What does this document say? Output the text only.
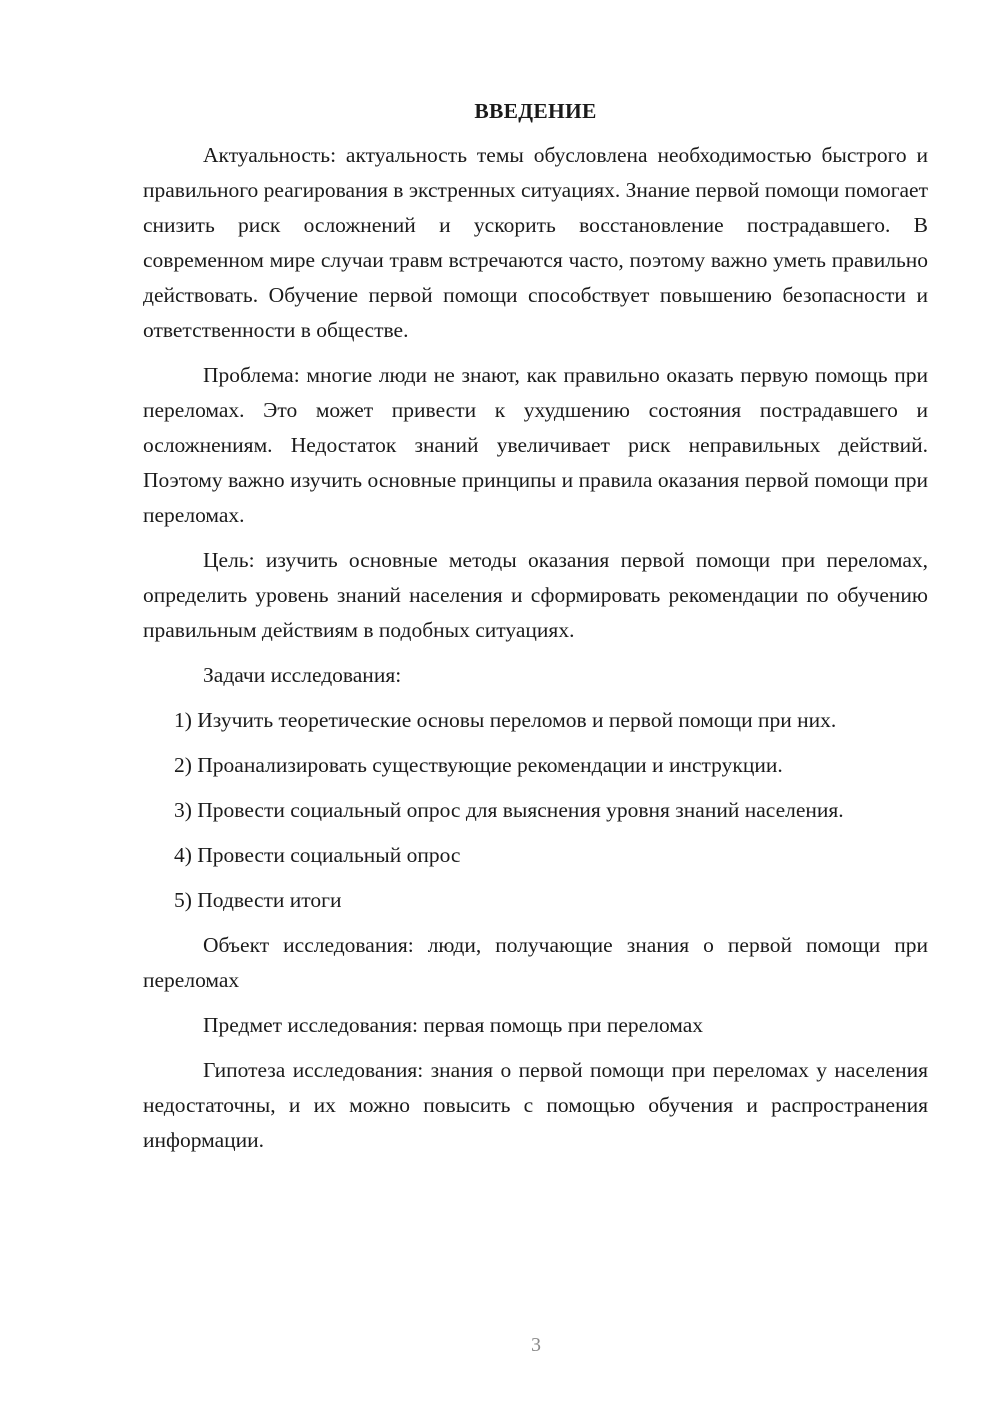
ВВЕДЕНИЕ

Актуальность: актуальность темы обусловлена необходимостью быстрого и правильного реагирования в экстренных ситуациях. Знание первой помощи помогает снизить риск осложнений и ускорить восстановление пострадавшего. В современном мире случаи травм встречаются часто, поэтому важно уметь правильно действовать. Обучение первой помощи способствует повышению безопасности и ответственности в обществе.

Проблема: многие люди не знают, как правильно оказать первую помощь при переломах. Это может привести к ухудшению состояния пострадавшего и осложнениям. Недостаток знаний увеличивает риск неправильных действий. Поэтому важно изучить основные принципы и правила оказания первой помощи при переломах.

Цель: изучить основные методы оказания первой помощи при переломах, определить уровень знаний населения и сформировать рекомендации по обучению правильным действиям в подобных ситуациях.

Задачи исследования:

1) Изучить теоретические основы переломов и первой помощи при них.

2) Проанализировать существующие рекомендации и инструкции.

3) Провести социальный опрос для выяснения уровня знаний населения.

4) Провести социальный опрос

5) Подвести итоги

Объект исследования: люди, получающие знания о первой помощи при переломах

Предмет исследования: первая помощь при переломах

Гипотеза исследования: знания о первой помощи при переломах у населения недостаточны, и их можно повысить с помощью обучения и распространения информации.

3
